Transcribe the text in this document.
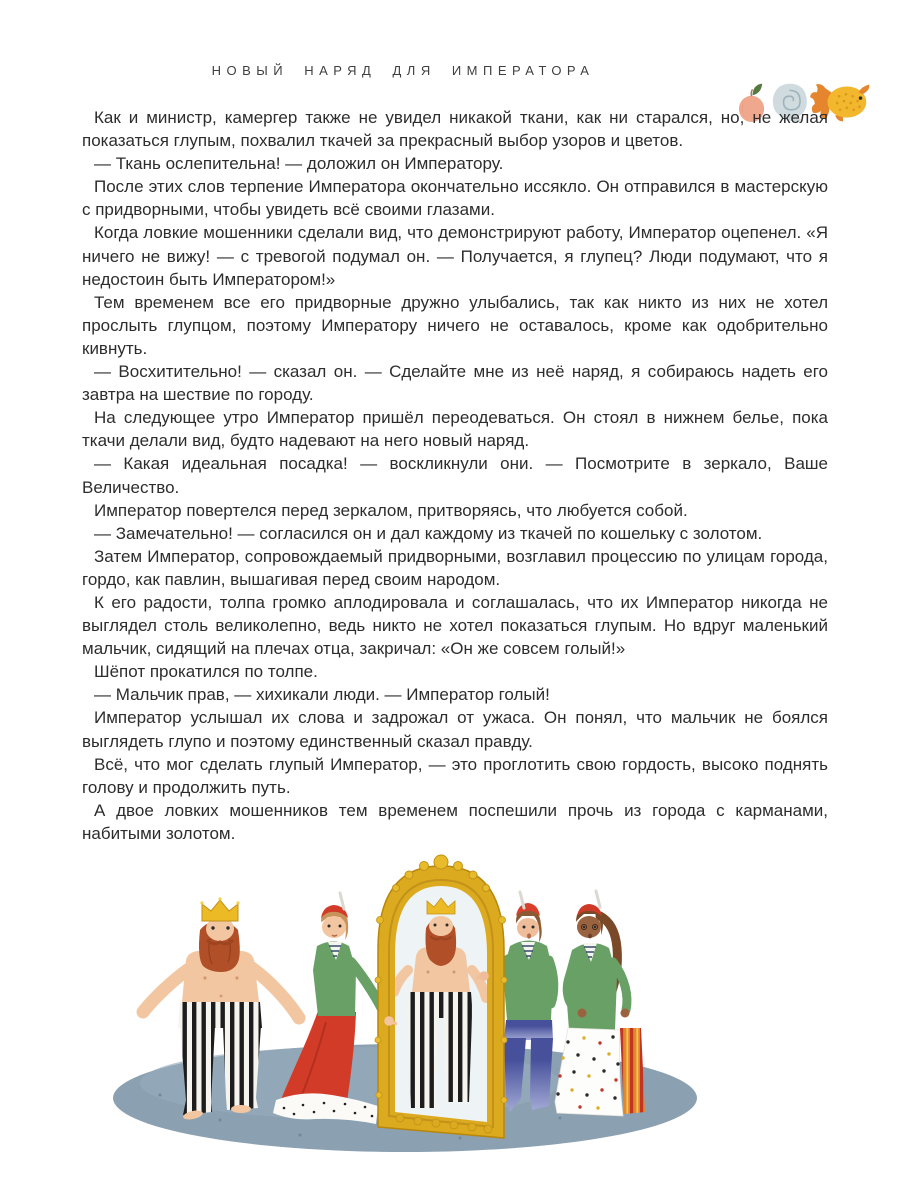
НОВЫЙ НАРЯД ДЛЯ ИМПЕРАТОРА

Как и министр, камергер также не увидел никакой ткани, как ни старался, но, не желая показаться глупым, похвалил ткачей за прекрасный выбор узоров и цветов.

— Ткань ослепительна! — доложил он Императору.

После этих слов терпение Императора окончательно иссякло. Он отправился в мастерскую с придворными, чтобы увидеть всё своими глазами.

Когда ловкие мошенники сделали вид, что демонстрируют работу, Император оцепенел. «Я ничего не вижу! — с тревогой подумал он. — Получается, я глупец? Люди подумают, что я недостоин быть Императором!»

Тем временем все его придворные дружно улыбались, так как никто из них не хотел прослыть глупцом, поэтому Императору ничего не оставалось, кроме как одобрительно кивнуть.

— Восхитительно! — сказал он. — Сделайте мне из неё наряд, я собираюсь надеть его завтра на шествие по городу.

На следующее утро Император пришёл переодеваться. Он стоял в нижнем белье, пока ткачи делали вид, будто надевают на него новый наряд.

— Какая идеальная посадка! — воскликнули они. — Посмотрите в зеркало, Ваше Величество.

Император повертелся перед зеркалом, притворяясь, что любуется собой.

— Замечательно! — согласился он и дал каждому из ткачей по кошельку с золотом.

Затем Император, сопровождаемый придворными, возглавил процессию по улицам города, гордо, как павлин, вышагивая перед своим народом.

К его радости, толпа громко аплодировала и соглашалась, что их Император никогда не выглядел столь великолепно, ведь никто не хотел показаться глупым. Но вдруг маленький мальчик, сидящий на плечах отца, закричал: «Он же совсем голый!»

Шёпот прокатился по толпе.

— Мальчик прав, — хихикали люди. — Император голый!

Император услышал их слова и задрожал от ужаса. Он понял, что мальчик не боялся выглядеть глупо и поэтому единственный сказал правду.

Всё, что мог сделать глупый Император, — это проглотить свою гордость, высоко поднять голову и продолжить путь.

А двое ловких мошенников тем временем поспешили прочь из города с карманами, набитыми золотом.
